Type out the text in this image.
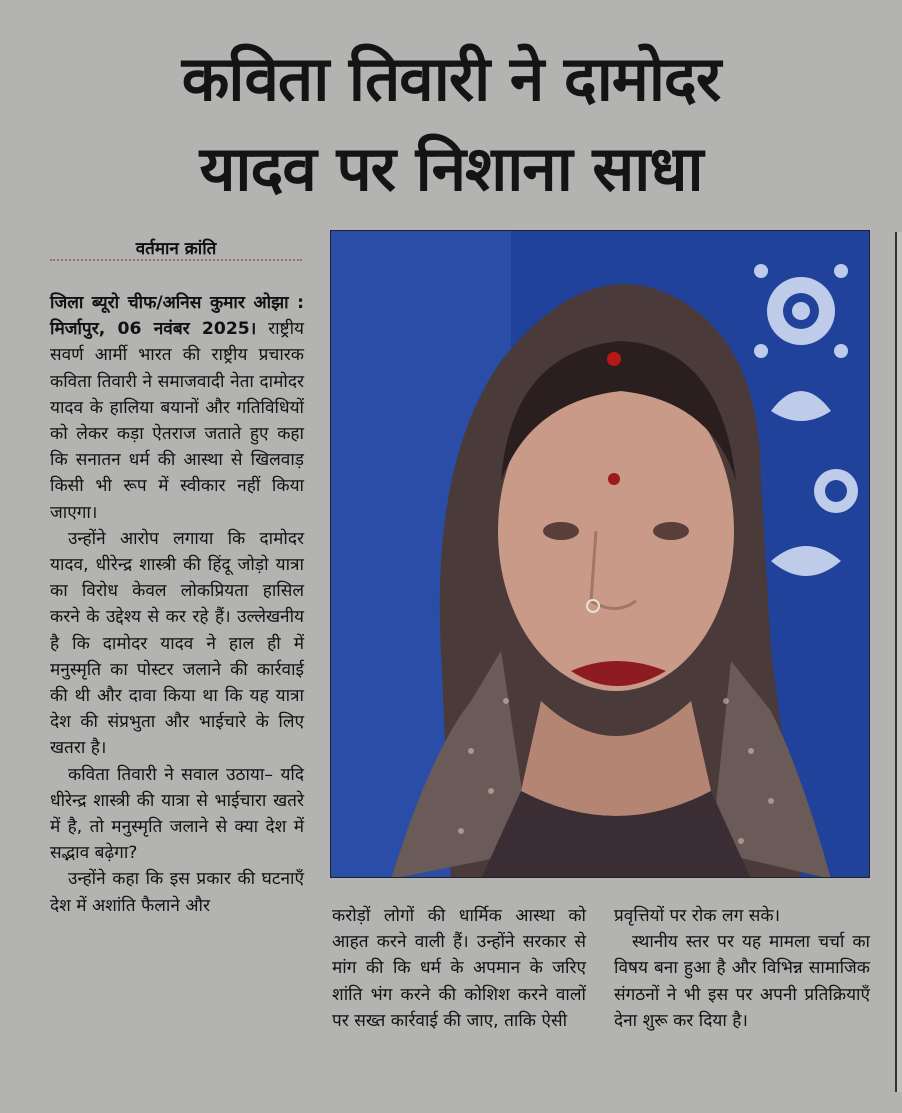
कविता तिवारी ने दामोदर
यादव पर निशाना साधा
वर्तमान क्रांति

जिला ब्यूरो चीफ/अनिस कुमार ओझा : मिर्जापुर, 06 नवंबर 2025। राष्ट्रीय सवर्ण आर्मी भारत की राष्ट्रीय प्रचारक कविता तिवारी ने समाजवादी नेता दामोदर यादव के हालिया बयानों और गतिविधियों को लेकर कड़ा ऐतराज जताते हुए कहा कि सनातन धर्म की आस्था से खिलवाड़ किसी भी रूप में स्वीकार नहीं किया जाएगा।

उन्होंने आरोप लगाया कि दामोदर यादव, धीरेन्द्र शास्त्री की हिंदू जोड़ो यात्रा का विरोध केवल लोकप्रियता हासिल करने के उद्देश्य से कर रहे हैं। उल्लेखनीय है कि दामोदर यादव ने हाल ही में मनुस्मृति का पोस्टर जलाने की कार्रवाई की थी और दावा किया था कि यह यात्रा देश की संप्रभुता और भाईचारे के लिए खतरा है।

कविता तिवारी ने सवाल उठाया– यदि धीरेन्द्र शास्त्री की यात्रा से भाईचारा खतरे में है, तो मनुस्मृति जलाने से क्या देश में सद्भाव बढ़ेगा?

उन्होंने कहा कि इस प्रकार की घटनाएँ देश में अशांति फैलाने और

करोड़ों लोगों की धार्मिक आस्था को आहत करने वाली हैं। उन्होंने सरकार से मांग की कि धर्म के अपमान के जरिए शांति भंग करने की कोशिश करने वालों पर सख्त कार्रवाई की जाए, ताकि ऐसी

प्रवृत्तियों पर रोक लग सके।

स्थानीय स्तर पर यह मामला चर्चा का विषय बना हुआ है और विभिन्न सामाजिक संगठनों ने भी इस पर अपनी प्रतिक्रियाएँ देना शुरू कर दिया है।
